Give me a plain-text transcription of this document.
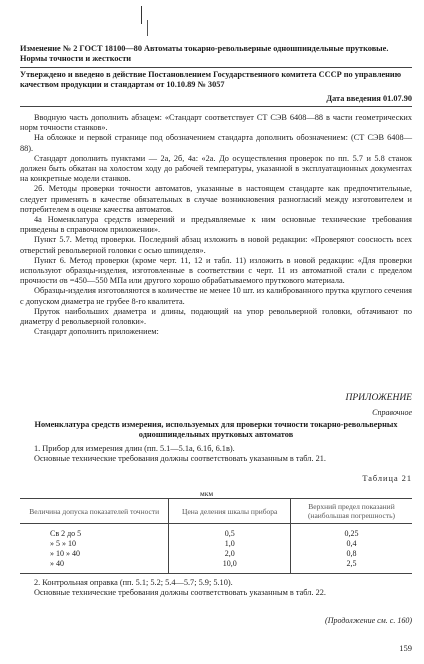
Изменение № 2 ГОСТ 18100—80 Автоматы токарно-револьверные одношпиндельные прутковые. Нормы точности и жесткости

Утверждено и введено в действие Постановлением Государственного комитета СССР по управлению качеством продукции и стандартам от 10.10.89 № 3057

Дата введения 01.07.90

Вводную часть дополнить абзацем: «Стандарт соответствует СТ СЭВ 6408—88 в части геометрических норм точности станков».

На обложке и первой странице под обозначением стандарта дополнить обозначением: (СТ СЭВ 6408—88).

Стандарт дополнить пунктами — 2а, 2б, 4а: «2а. До осуществления проверок по пп. 5.7 и 5.8 станок должен быть обкатан на холостом ходу до рабочей температуры, указанной в эксплуатационных документах на конкретные модели станков.

2б. Методы проверки точности автоматов, указанные в настоящем стандарте как предпочтительные, следует применять в качестве обязательных в случае возникновения разногласий между изготовителем и потребителем в оценке качества автоматов.

4а Номенклатура средств измерений и предъявляемые к ним основные технические требования приведены в справочном приложении».

Пункт 5.7. Метод проверки. Последний абзац изложить в новой редакции: «Проверяют соосность всех отверстий револьверной головки с осью шпинделя».

Пункт 6. Метод проверки (кроме черт. 11, 12 и табл. 11) изложить в новой редакции: «Для проверки используют образцы-изделия, изготовленные в соответствии с черт. 11 из автоматной стали с пределом прочности σв =450—550 МПа или другого хорошо обрабатываемого пруткового материала.

Образцы-изделия изготовляются в количестве не менее 10 шт. из калиброванного прутка круглого сечения с допуском диаметра не грубее 8-го квалитета.

Пруток наибольших диаметра и длины, подающий на упор револьверной головки, обтачивают по диаметру d револьверной головки».

Стандарт дополнить приложением:

ПРИЛОЖЕНИЕ

Справочное

Номенклатура средств измерения, используемых для проверки точности токарно-револьверных одношпиндельных прутковых автоматов

1. Прибор для измерения длин (пп. 5.1—5.1а, 6.1б, 6.1в).

Основные технические требования должны соответствовать указанным в табл. 21.

Таблица 21

мкм

Величина допуска показателей точности	Цена деления шкалы прибора	Верхний предел показаний (наибольшая погрешность)
Св 2 до 5	0,5	0,25
» 5 » 10	1,0	0,4
» 10 » 40	2,0	0,8
» 40	10,0	2,5

2. Контрольная оправка (пп. 5.1; 5.2; 5.4—5.7; 5.9; 5.10).

Основные технические требования должны соответствовать указанным в табл. 22.

(Продолжение см. с. 160)

159
